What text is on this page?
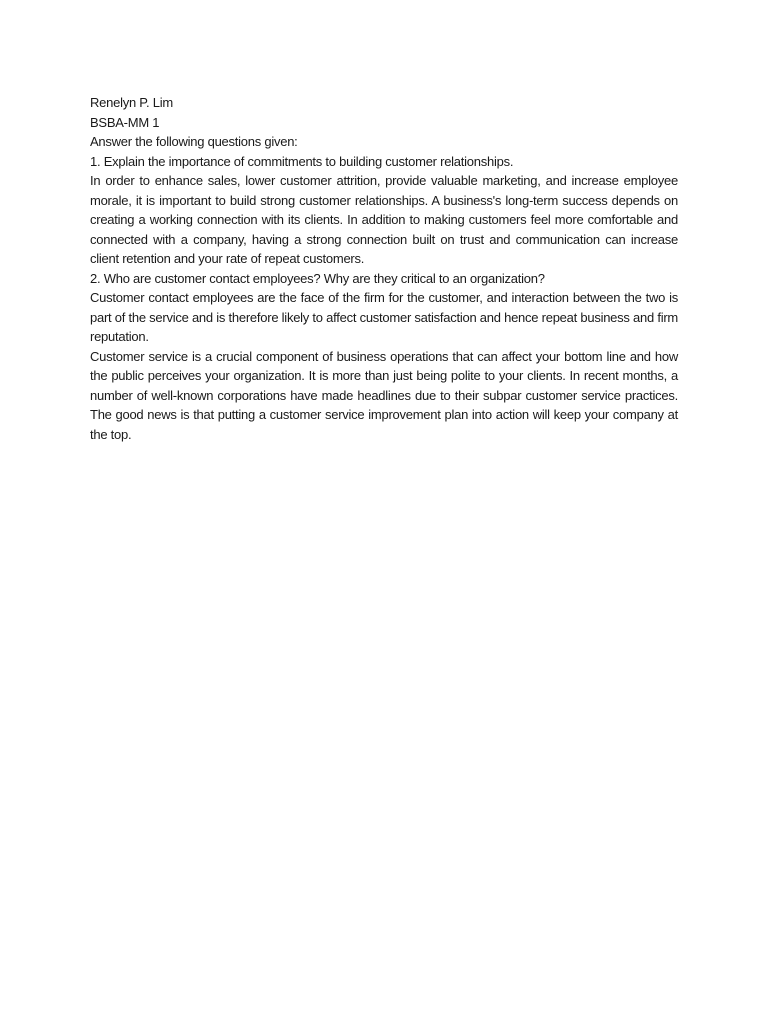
Renelyn P. Lim

BSBA-MM 1

Answer the following questions given:

1. Explain the importance of commitments to building customer relationships.

In order to enhance sales, lower customer attrition, provide valuable marketing, and increase employee morale, it is important to build strong customer relationships. A business's long-term success depends on creating a working connection with its clients. In addition to making customers feel more comfortable and connected with a company, having a strong connection built on trust and communication can increase client retention and your rate of repeat customers.

2. Who are customer contact employees? Why are they critical to an organization?

Customer contact employees are the face of the firm for the customer, and interaction between the two is part of the service and is therefore likely to affect customer satisfaction and hence repeat business and firm reputation.

Customer service is a crucial component of business operations that can affect your bottom line and how the public perceives your organization. It is more than just being polite to your clients. In recent months, a number of well-known corporations have made headlines due to their subpar customer service practices. The good news is that putting a customer service improvement plan into action will keep your company at the top.
